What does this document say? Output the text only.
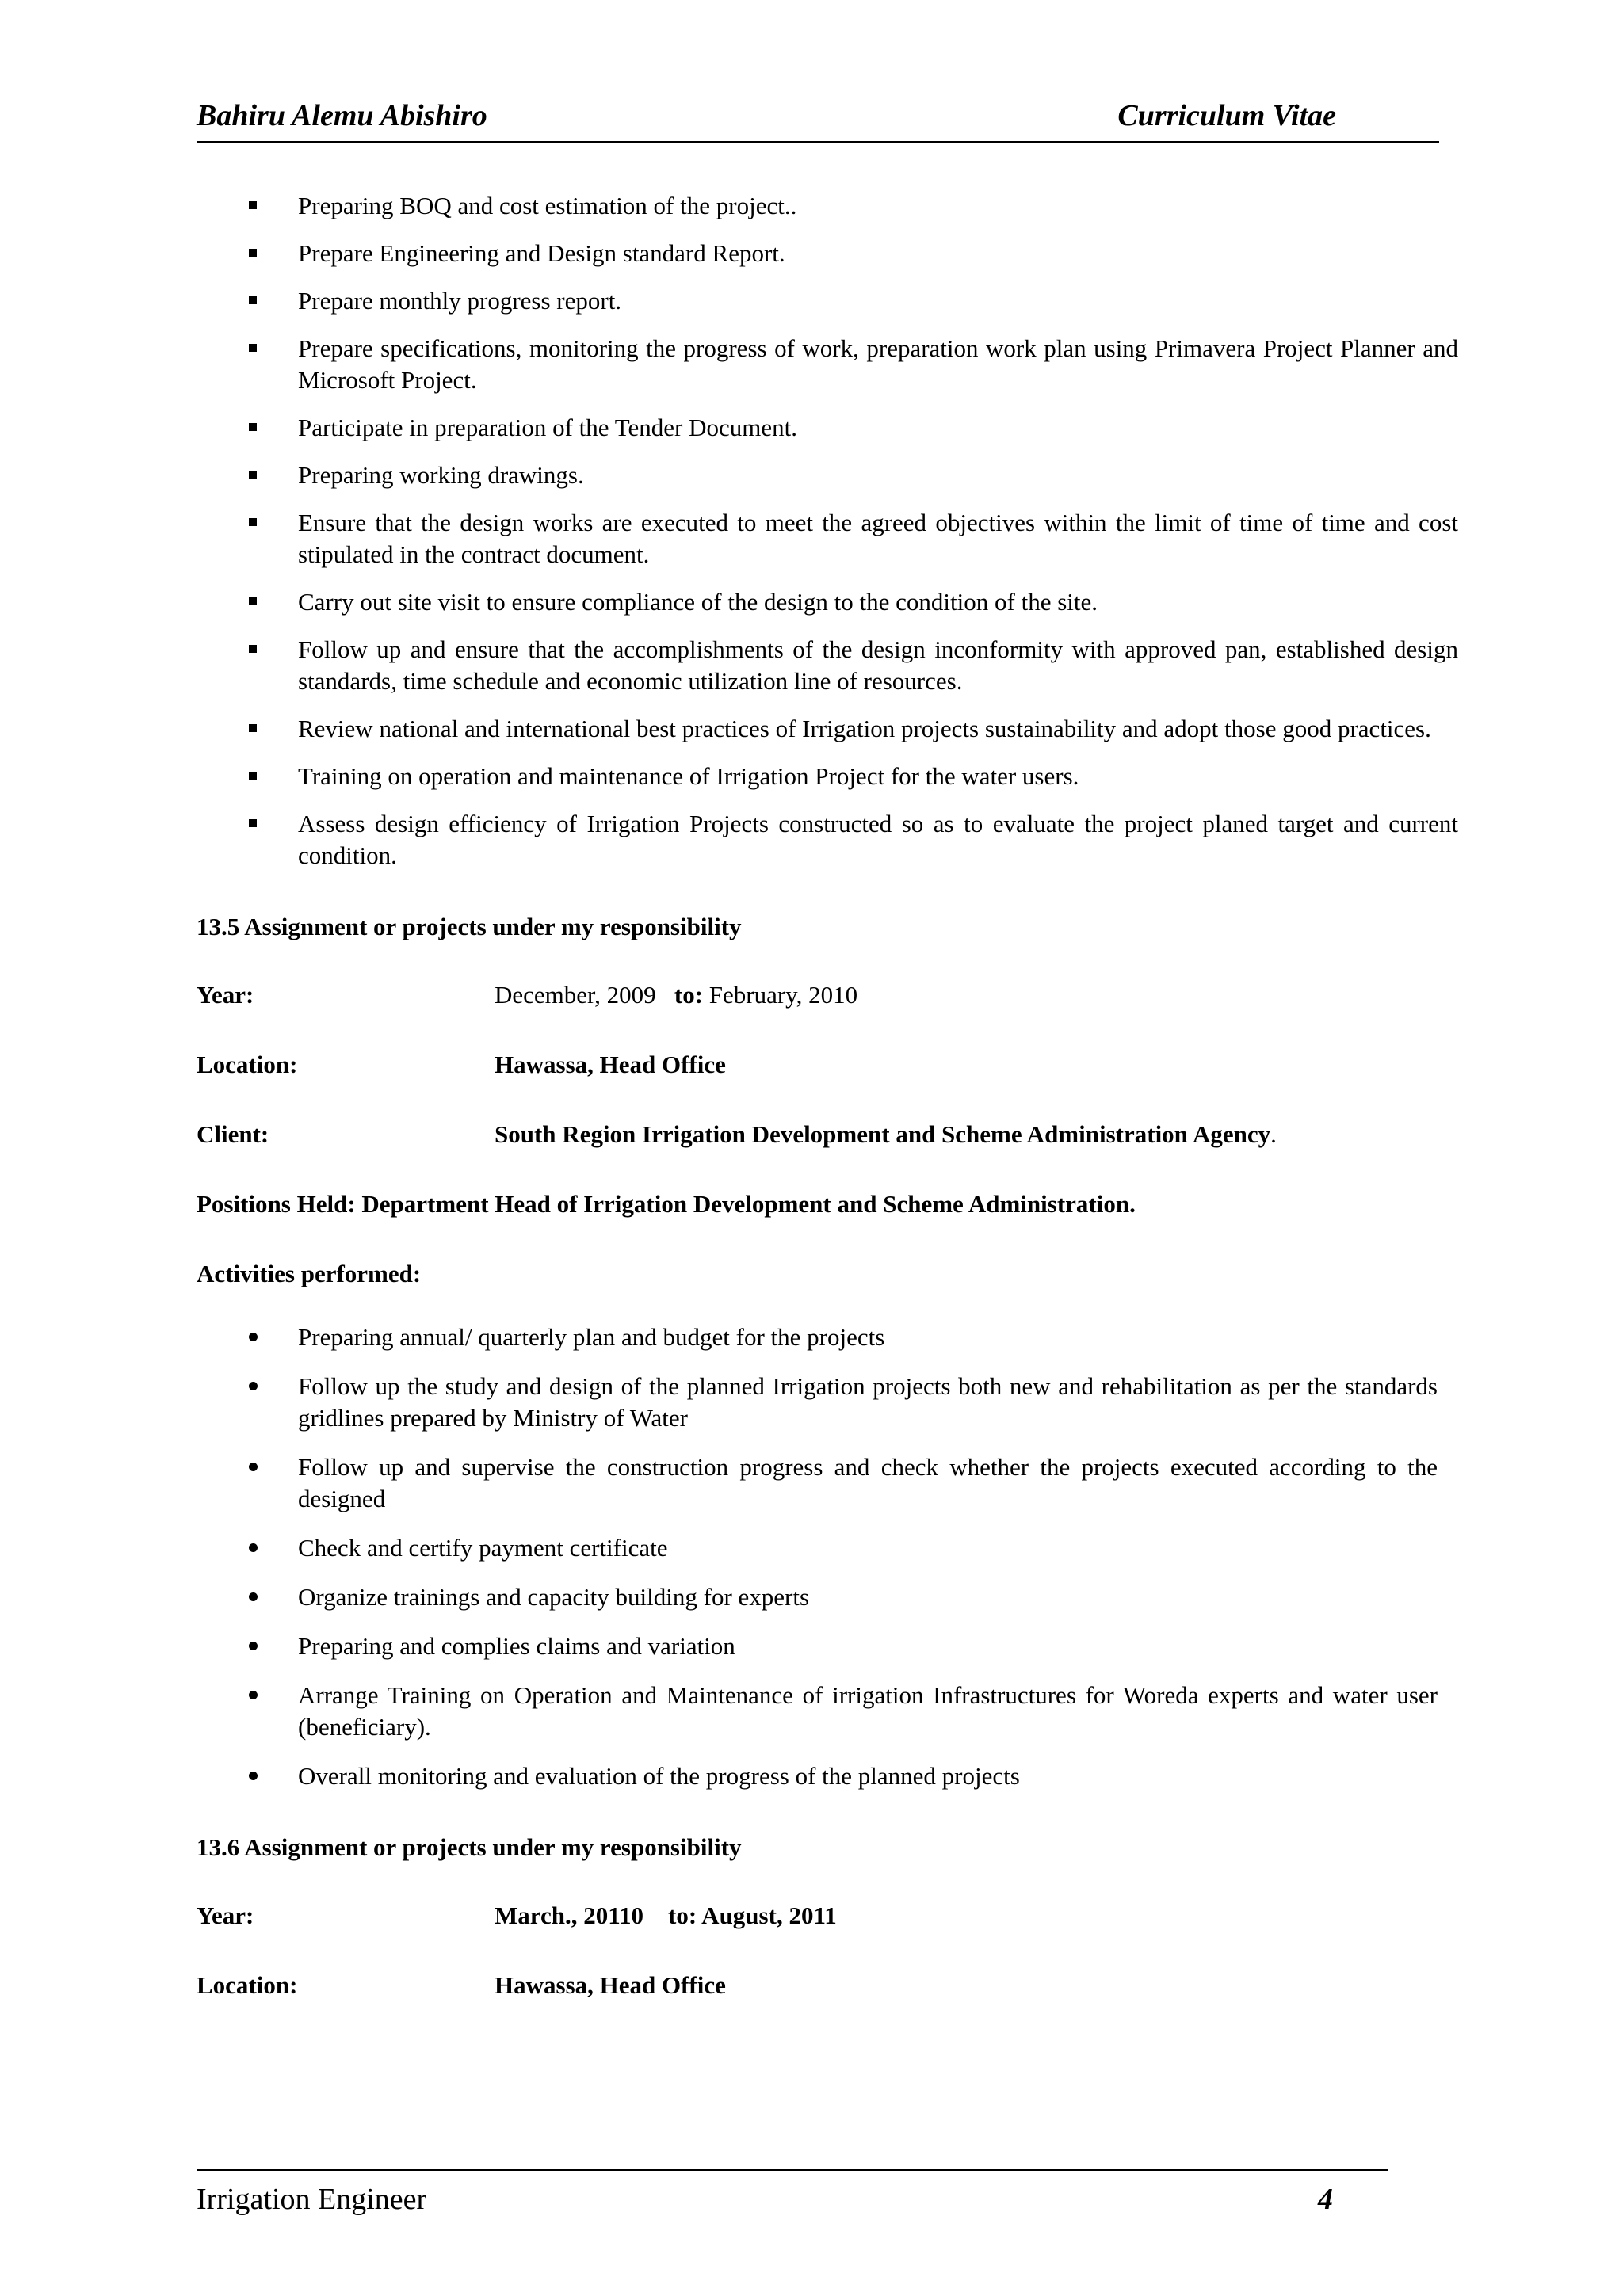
Bahiru Alemu Abishiro	Curriculum Vitae
Preparing BOQ and cost estimation of the project..
Prepare Engineering and Design standard Report.
Prepare monthly progress report.
Prepare specifications, monitoring the progress of work, preparation work plan using Primavera Project Planner and Microsoft Project.
Participate in preparation of the Tender Document.
Preparing working drawings.
Ensure that the design works are executed to meet the agreed objectives within the limit of time of time and cost stipulated in the contract document.
Carry out site visit to ensure compliance of the design to the condition of the site.
Follow up and ensure that the accomplishments of the design inconformity with approved pan, established design standards, time schedule and economic utilization line of resources.
Review national and international best practices of Irrigation projects sustainability and adopt those good practices.
Training on operation and maintenance of Irrigation Project for the water users.
Assess design efficiency of Irrigation Projects constructed so as to evaluate the project planed target and current condition.
13.5 Assignment or projects under my responsibility
Year:	December, 2009 to: February, 2010
Location:	Hawassa, Head Office
Client:	South Region Irrigation Development and Scheme Administration Agency.
Positions Held: Department Head of Irrigation Development and Scheme Administration.
Activities performed:
Preparing annual/ quarterly plan and budget for the projects
Follow up the study and design of the planned Irrigation projects both new and rehabilitation as per the standards gridlines prepared by Ministry of Water
Follow up and supervise the construction progress and check whether the projects executed according to the designed
Check and certify payment certificate
Organize trainings and capacity building for experts
Preparing and complies claims and variation
Arrange Training on Operation and Maintenance of irrigation Infrastructures for Woreda experts and water user (beneficiary).
Overall monitoring and evaluation of the progress of the planned projects
13.6 Assignment or projects under my responsibility
Year:	March., 20110    to: August, 2011
Location:	Hawassa, Head Office
Irrigation Engineer	4
